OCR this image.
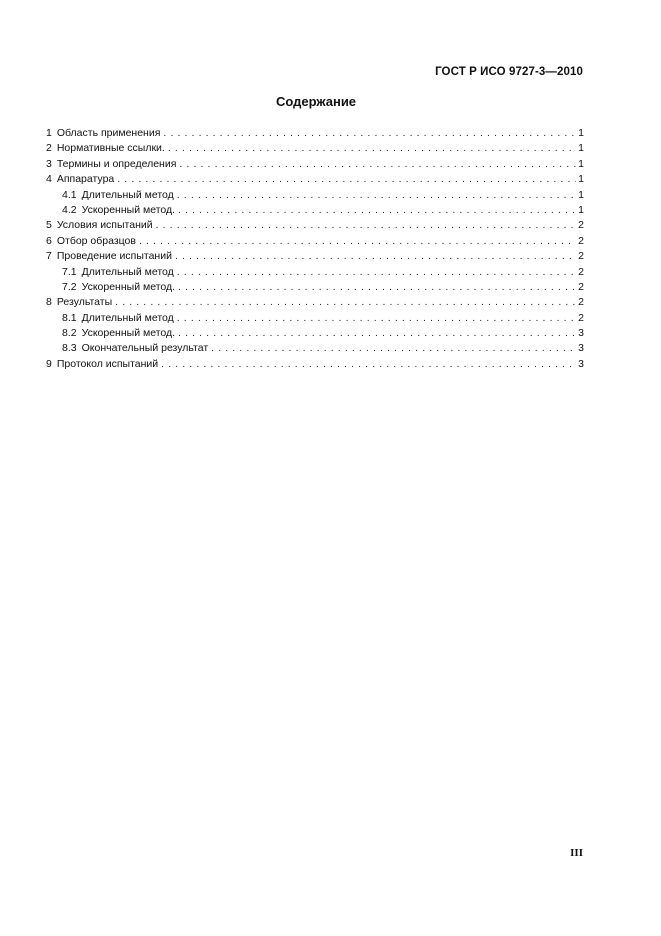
ГОСТ Р ИСО 9727-3—2010
Содержание
1 Область применения . . .	1
2 Нормативные ссылки. . . .	1
3 Термины и определения . . .	1
4 Аппаратура . . .	1
4.1 Длительный метод . . .	1
4.2 Ускоренный метод. . . .	1
5 Условия испытаний . . .	2
6 Отбор образцов . . .	2
7 Проведение испытаний . . .	2
7.1 Длительный метод . . .	2
7.2 Ускоренный метод. . . .	2
8 Результаты . . .	2
8.1 Длительный метод . . .	2
8.2 Ускоренный метод. . . .	3
8.3 Окончательный результат . . .	3
9 Протокол испытаний . . .	3
III
